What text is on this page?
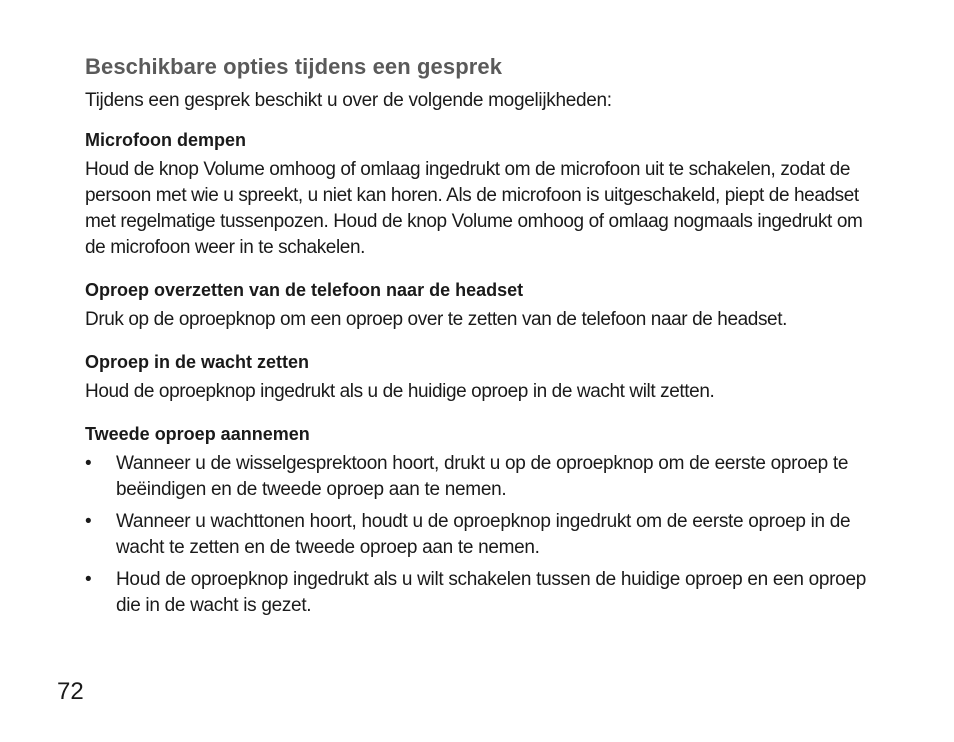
Beschikbare opties tijdens een gesprek

Tijdens een gesprek beschikt u over de volgende mogelijkheden:

Microfoon dempen

Houd de knop Volume omhoog of omlaag ingedrukt om de microfoon uit te schakelen, zodat de persoon met wie u spreekt, u niet kan horen. Als de microfoon is uitgeschakeld, piept de headset met regelmatige tussenpozen. Houd de knop Volume omhoog of omlaag nogmaals ingedrukt om de microfoon weer in te schakelen.

Oproep overzetten van de telefoon naar de headset

Druk op de oproepknop om een oproep over te zetten van de telefoon naar de headset.

Oproep in de wacht zetten

Houd de oproepknop ingedrukt als u de huidige oproep in de wacht wilt zetten.

Tweede oproep aannemen
• Wanneer u de wisselgesprektoon hoort, drukt u op de oproepknop om de eerste oproep te beëindigen en de tweede oproep aan te nemen.
• Wanneer u wachttonen hoort, houdt u de oproepknop ingedrukt om de eerste oproep in de wacht te zetten en de tweede oproep aan te nemen.
• Houd de oproepknop ingedrukt als u wilt schakelen tussen de huidige oproep en een oproep die in de wacht is gezet.
72
